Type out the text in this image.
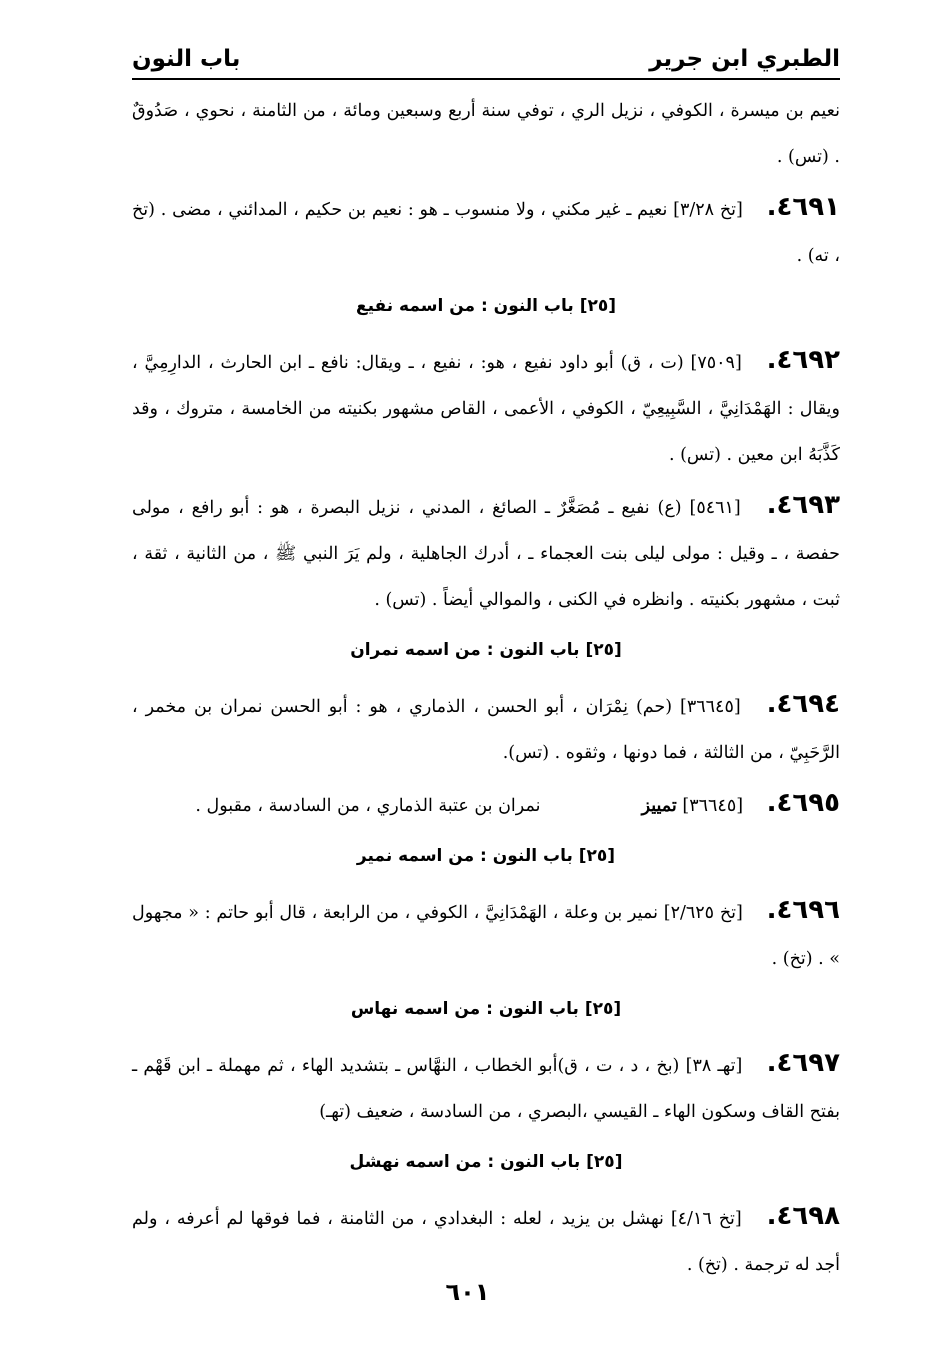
الطبري ابن جرير
باب النون

نعيم بن ميسرة ، الكوفي ، نزيل الري ، توفي سنة أربع وسبعين ومائة ، من الثامنة ، نحوي ، صَدُوقٌ . (تس) .

٤٦٩١. [تخ ٣/٢٨] نعيم ـ غير مكني ، ولا منسوب ـ هو : نعيم بن حكيم ، المدائني ، مضى . (تخ ، ته) .

[٢٥] باب النون : من اسمه نفيع

٤٦٩٢. [٧٥٠٩] (ت ، ق) أبو داود نفيع ، هو: ، نفيع ، ـ ويقال: نافع ـ ابن الحارث ، الدارِمِيَّ ، ويقال : الهَمْدَانِيَّ ، السَّبِيعِيّ ، الكوفي ، الأعمى ، القاص مشهور بكنيته من الخامسة ، متروك ، وقد كَذَّبَهُ ابن معين . (تس) .

٤٦٩٣. [٥٤٦١] (ع) نفيع ـ مُصَغَّرٌ ـ الصائغ ، المدني ، نزيل البصرة ، هو : أبو رافع ، مولى حفصة ، ـ وقيل : مولى ليلى بنت العجماء ـ ، أدرك الجاهلية ، ولم يَرَ النبي ﷺ ، من الثانية ، ثقة ، ثبت ، مشهور بكنيته . وانظره في الكنى ، والموالي أيضاً . (تس) .

[٢٥] باب النون : من اسمه نمران

٤٦٩٤. [٣٦٦٤٥] (حم) نِمْرَان ، أبو الحسن ، الذماري ، هو : أبو الحسن نمران بن مخمر ، الرَّحَبِيّ ، من الثالثة ، فما دونها ، وثقوه . (تس).

٤٦٩٥. [٣٦٦٤٥] تمييز  نمران بن عتبة الذماري ، من السادسة ، مقبول .

[٢٥] باب النون : من اسمه نمير

٤٦٩٦. [تخ ٢/٦٢٥] نمير بن وعلة ، الهَمْدَانِيَّ ، الكوفي ، من الرابعة ، قال أبو حاتم : « مجهول » . (تخ) .

[٢٥] باب النون : من اسمه نهاس

٤٦٩٧. [تهـ ٣٨] (بخ ، د ، ت ، ق)أبو الخطاب ، النهَّاس ـ بتشديد الهاء ، ثم مهملة ـ ابن قَهْم ـ بفتح القاف وسكون الهاء ـ القيسي ،البصري ، من السادسة ، ضعيف (تهـ)

[٢٥] باب النون : من اسمه نهشل

٤٦٩٨. [تخ ٤/١٦] نهشل بن يزيد ، لعله : البغدادي ، من الثامنة ، فما فوقها لم أعرفه ، ولم أجد له ترجمة . (تخ) .

٦٠١
